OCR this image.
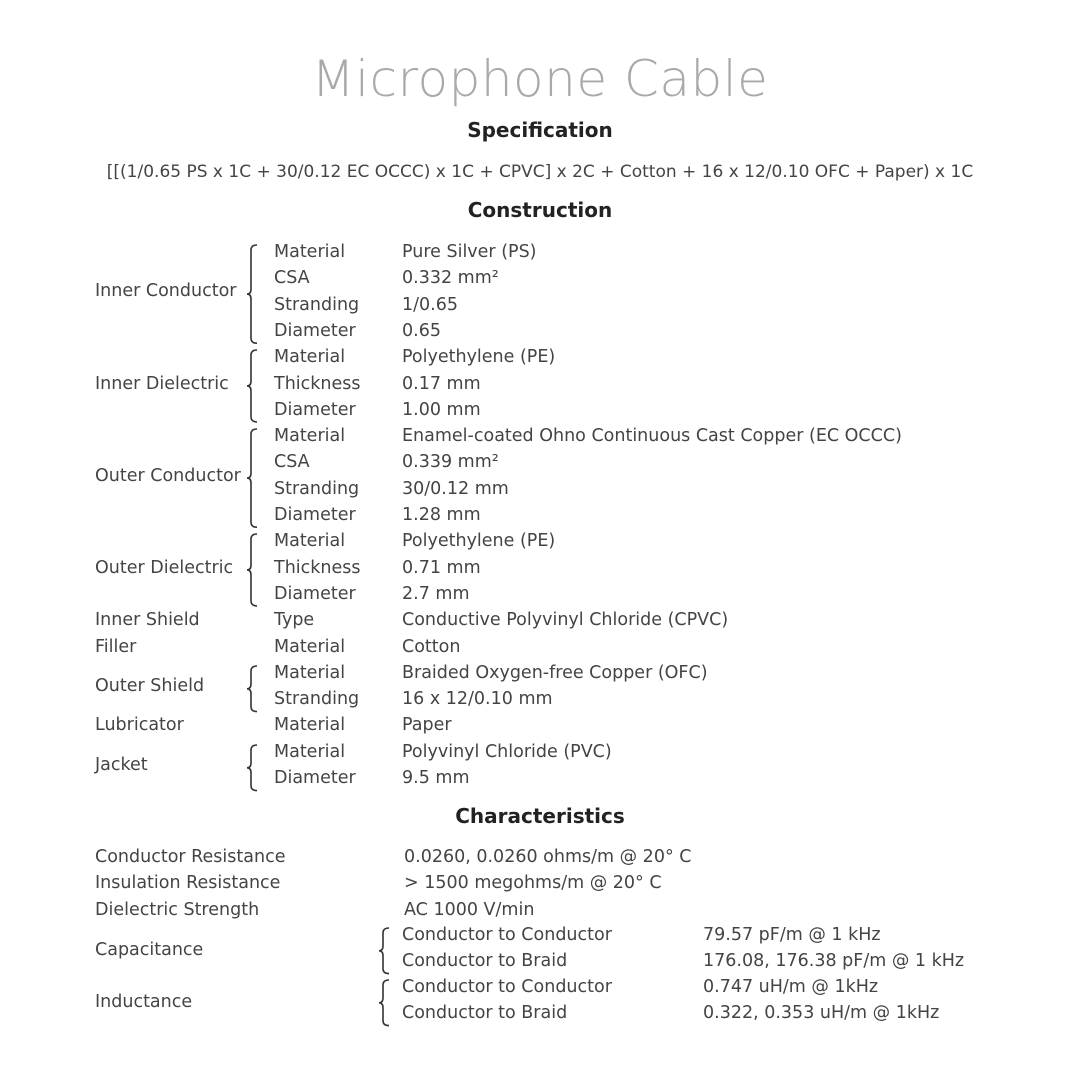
Microphone Cable
Specification
[[(1/0.65 PS x 1C + 30/0.12 EC OCCC) x 1C + CPVC] x 2C + Cotton + 16 x 12/0.10 OFC + Paper) x 1C
Construction
Inner Conductor
Material	Pure Silver (PS)
CSA	0.332 mm²
Stranding 1/0.65
Diameter	0.65
Inner Dielectric
Material	Polyethylene (PE)
Thickness 0.17 mm
Diameter	1.00 mm
Outer Conductor
Material	Enamel-coated Ohno Continuous Cast Copper (EC OCCC)
CSA	0.339 mm²
Stranding 30/0.12 mm
Diameter	1.28 mm
Outer Dielectric
Material	Polyethylene (PE)
Thickness 0.71 mm
Diameter	2.7 mm
Inner Shield	Type	Conductive Polyvinyl Chloride (CPVC)
Filler	Material	Cotton
Outer Shield
Material	Braided Oxygen-free Copper (OFC)
Stranding 16 x 12/0.10 mm
Lubricator	Material	Paper
Jacket
Material	Polyvinyl Chloride (PVC)
Diameter	9.5 mm
Characteristics
Conductor Resistance	0.0260, 0.0260 ohms/m @ 20° C
Insulation Resistance	> 1500 megohms/m @ 20° C
Dielectric Strength	AC 1000 V/min
Capacitance
Conductor to Conductor	79.57 pF/m @ 1 kHz
Conductor to Braid	176.08, 176.38 pF/m @ 1 kHz
Inductance
Conductor to Conductor	0.747 uH/m @ 1kHz
Conductor to Braid	0.322, 0.353 uH/m @ 1kHz
